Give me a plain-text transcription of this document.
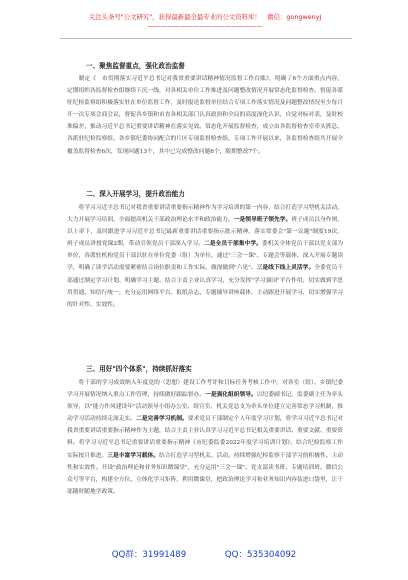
关注头条号"公文研究"，获得最新最全最专业的公文资料库！　微信：gongwenyj
——————————————————
一、聚焦监督重点，强化政治监督
制定《　市贯彻落实习近平总书记对我省重要讲话精神情况监督工作台账》，明确了6个方面重点内容，定期组织各监督检查组继续下沉一线，对各相关单位工作推进及问题整改情况开展常态化监督检查。督促各派驻纪检监察组积极落实驻在单位监督工作，及时报送监督单位结合专项工作落实情况及问题整改情况至少每月开一次专项会商会议，督促各乡镇和市直各相关部门认真政治和全局的高度深化认识，自觉对标对表，及时校准偏差，推动习近平总书记重要讲话精神在落实见效。常态化开展监督检查，成立由各监督检查室牵头抓总、各派驻纪检监察组、各乡镇纪委协同配合的片区专项监督检查组，专项工作开展以来，各监督检查组共开展全覆盖监督检查6次，发现问题13个，其中已完成整改问题6个，限期整改7个。
二、深入开展学习，提升政治能力
将学习习近平总书记对我省重要讲话重要指示精神作为学习培训的第一内容，结合打造学习型机关活动，大力开展学习培训，全面提高机关干部政治理论水平和政治能力。一是领导班子领先学。班子成员以身作则，以上率下，及时跟进学习习近平总书记最新重要讲话重要指示批示精神，落实常委会"第一议题"制度19次，班子成员讲授党课2期，带动引领党员干部深入学习。二是全员干部集中学。委机关全体党员干部以党支部为单位，各派驻机构党员干部以驻在单位党委（组）为单位，通过"三会一课"、专题会等载体，深入开展专题读学，明确了谈学活动需要紧密结合岗位职责和工作实际，做深做到"六见"。三是线下线上灵活学。全委党员干部通过制定学习计划、明确学习主题、结合主责主业认真学习，充分发挥"学习强国"平台作用，切实做到学思用贯通、知信行统一。充分运用网络平台、报纸杂志、专题辅导讲座载体，主动跟进开展学习，切实增强学习的针对性、实效性。
三、用好"四个体系"，持续抓好落实
将干部的学习成效纳入年度党的（思想）建设工作考评和目标任务考核工作中，对各室（组）、乡镇纪委学习开展情况纳入重点工作管理，持续做好跟踪督办。一是强化组织领导。以纪委副书记、监委副主任为牵头领导，以"能力作风建设年"活动领导小组办公室、组宣室、机关党总支为牵头单位建立完善常态学习机制，推动学习活动持续走深走实。二是完善学习机制。要求党员干部制定个人年度学习计划，将学习习近平总书记对我省重要讲话重要指示精神作为主题，结合主责主业认真学习习近平总书记相关重要讲话、重要文献、重要资料。将学习习近平总书记重要讲话重要指示精神《市纪委监委2022年度学习培训计划》，结合纪检监察工作实际按月推进。三是丰富学习载体。结合打造学习型机关、活动，持续增强纪检监察干部学习的积极性、主动性和实效性。开设"政治理论和业务知识微课堂"，充分运用"三会一课"、党支部读书班、专题培训班、微信公众号等平台，构建全方位、立体化学习矩阵，利用微课堂，把政治理论学习和业务知识内容装进口袋里，让干部随时随地学政策。
QQ群：31991489	QQ：535304092
